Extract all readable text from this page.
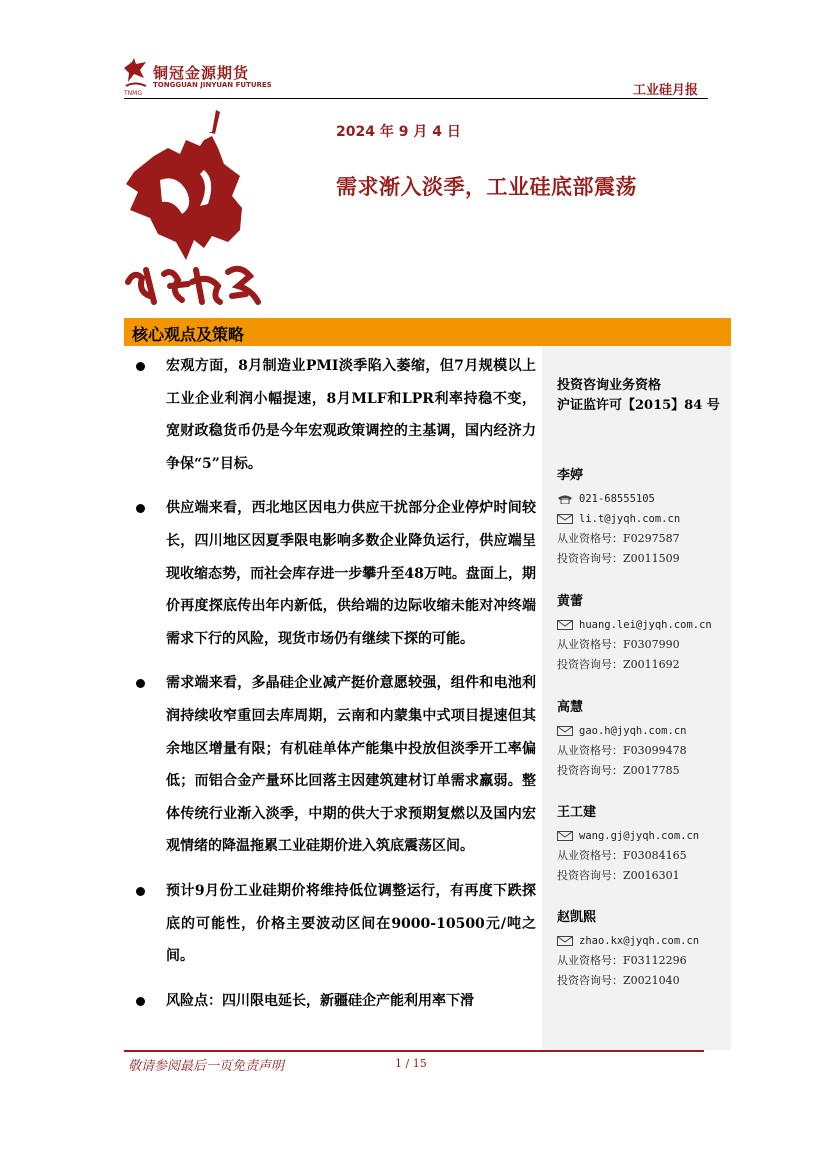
铜冠金源期货
TONGGUAN JINYUAN FUTURES
TNMG	工业硅月报
2024 年 9 月 4 日
需求渐入淡季，工业硅底部震荡
核心观点及策略
宏观方面，8月制造业PMI淡季陷入萎缩，但7月规模以上工业企业利润小幅提速，8月MLF和LPR利率持稳不变，宽财政稳货币仍是今年宏观政策调控的主基调，国内经济力争保“5”目标。
供应端来看，西北地区因电力供应干扰部分企业停炉时间较长，四川地区因夏季限电影响多数企业降负运行，供应端呈现收缩态势，而社会库存进一步攀升至48万吨。盘面上，期价再度探底传出年内新低，供给端的边际收缩未能对冲终端需求下行的风险，现货市场仍有继续下探的可能。
需求端来看，多晶硅企业减产挺价意愿较强，组件和电池利润持续收窄重回去库周期，云南和内蒙集中式项目提速但其余地区增量有限；有机硅单体产能集中投放但淡季开工率偏低；而铝合金产量环比回落主因建筑建材订单需求羸弱。整体传统行业渐入淡季，中期的供大于求预期复燃以及国内宏观情绪的降温拖累工业硅期价进入筑底震荡区间。
预计9月份工业硅期价将维持低位调整运行，有再度下跌探底的可能性，价格主要波动区间在9000-10500元/吨之间。
风险点：四川限电延长，新疆硅企产能利用率下滑
投资咨询业务资格
沪证监许可【2015】84 号
李婷
021-68555105
li.t@jyqh.com.cn
从业资格号：F0297587
投资咨询号：Z0011509
黄蕾
huang.lei@jyqh.com.cn
从业资格号：F0307990
投资咨询号：Z0011692
高慧
gao.h@jyqh.com.cn
从业资格号：F03099478
投资咨询号：Z0017785
王工建
wang.gj@jyqh.com.cn
从业资格号：F03084165
投资咨询号：Z0016301
赵凯熙
zhao.kx@jyqh.com.cn
从业资格号：F03112296
投资咨询号：Z0021040
敬请参阅最后一页免责声明	1 / 15
